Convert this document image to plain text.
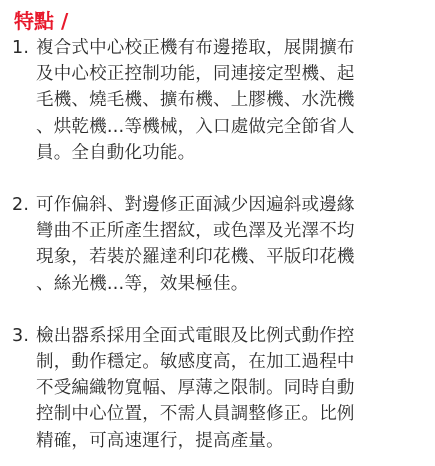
特點 /
1. 複合式中心校正機有布邊捲取，展開擴布
及中心校正控制功能，同連接定型機、起
毛機、燒毛機、擴布機、上膠機、水洗機
、烘乾機…等機械，入口處做完全節省人
員。全自動化功能。
2. 可作偏斜、對邊修正面減少因遍斜或邊緣
彎曲不正所產生摺紋，或色澤及光澤不均
現象，若裝於羅達利印花機、平版印花機
、絲光機…等，效果極佳。
3. 檢出器系採用全面式電眼及比例式動作控
制，動作穩定。敏感度高，在加工過程中
不受編織物寬幅、厚薄之限制。同時自動
控制中心位置，不需人員調整修正。比例
精確，可高速運行，提高產量。
